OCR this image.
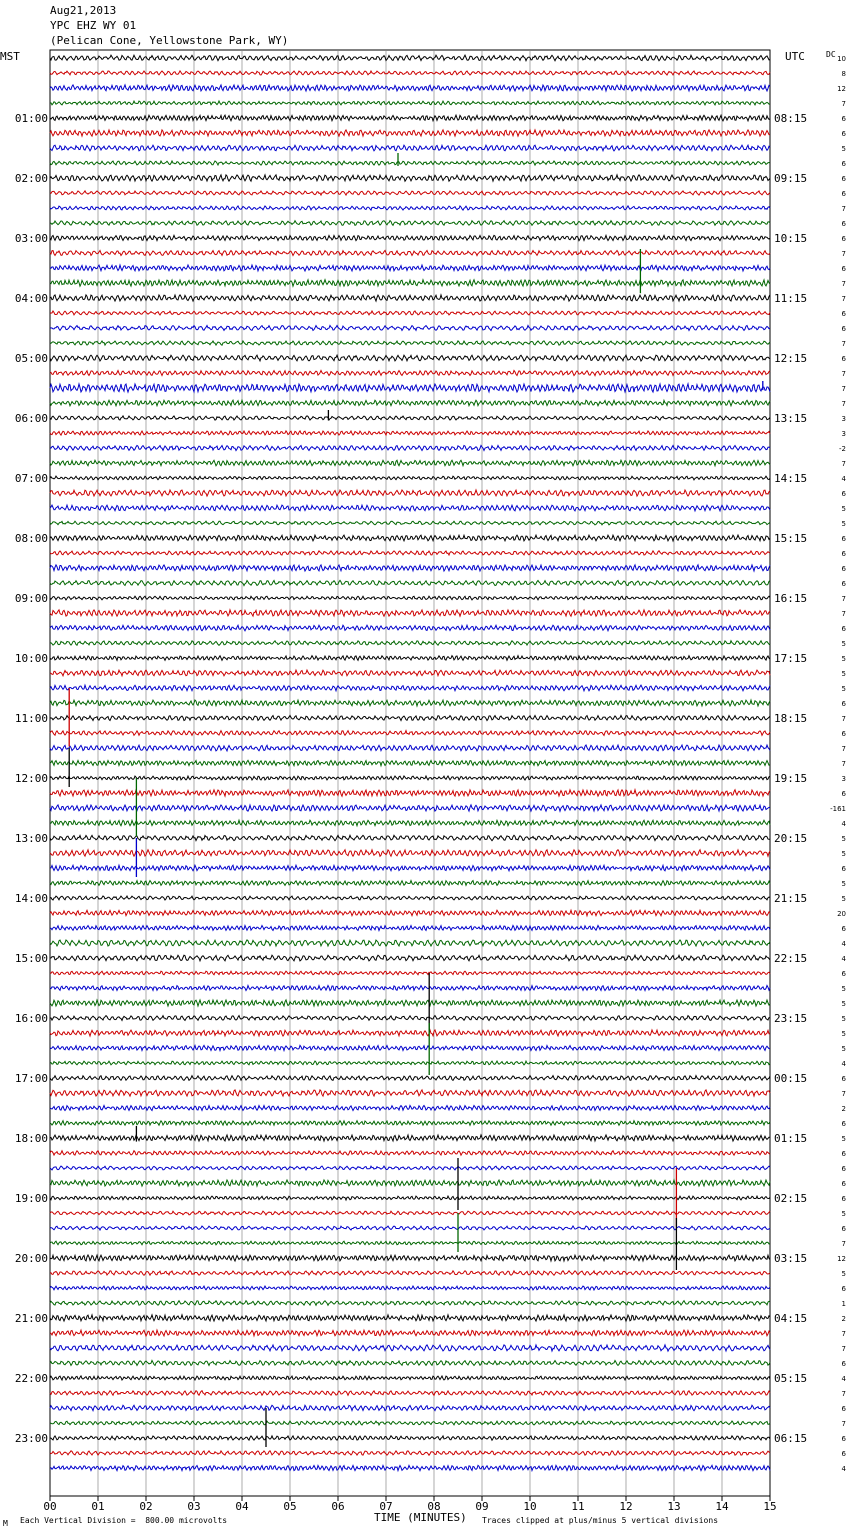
Aug21,2013
YPC EHZ WY 01
(Pelican Cone, Yellowstone Park, WY)
MST	UTC	DC
01:00
02:00
03:00
04:00
05:00
06:00
07:00
08:00
09:00
10:00
11:00
12:00
13:00
14:00
15:00
16:00
17:00
18:00
19:00
20:00
21:00
22:00
23:00
08:15
09:15
10:15
11:15
12:15
13:15
14:15
15:15
16:15
17:15
18:15
19:15
20:15
21:15
22:15
23:15
00:15
01:15
02:15
03:15
04:15
05:15
06:15
10
8
12
7
6
6
5
6
6
6
7
6
6
7
6
7
7
6
6
7
6
7
7
7
3
3
-2
7
4
6
5
5
6
6
6
6
7
7
6
5
5
5
5
6
7
6
7
7
3
6
-161
4
5
5
6
5
5
20
6
4
4
6
5
5
5
5
5
4
6
7
2
6
5
6
6
6
6
5
6
7
12
5
6
1
2
7
7
6
4
7
6
7
6
6
4
00	01	02	03	04	05	06	07	08	09	10	11	12	13	14	15
Each Vertical Division =  800.00 microvolts	TIME (MINUTES) Traces clipped at plus/minus 5 vertical divisions
M
